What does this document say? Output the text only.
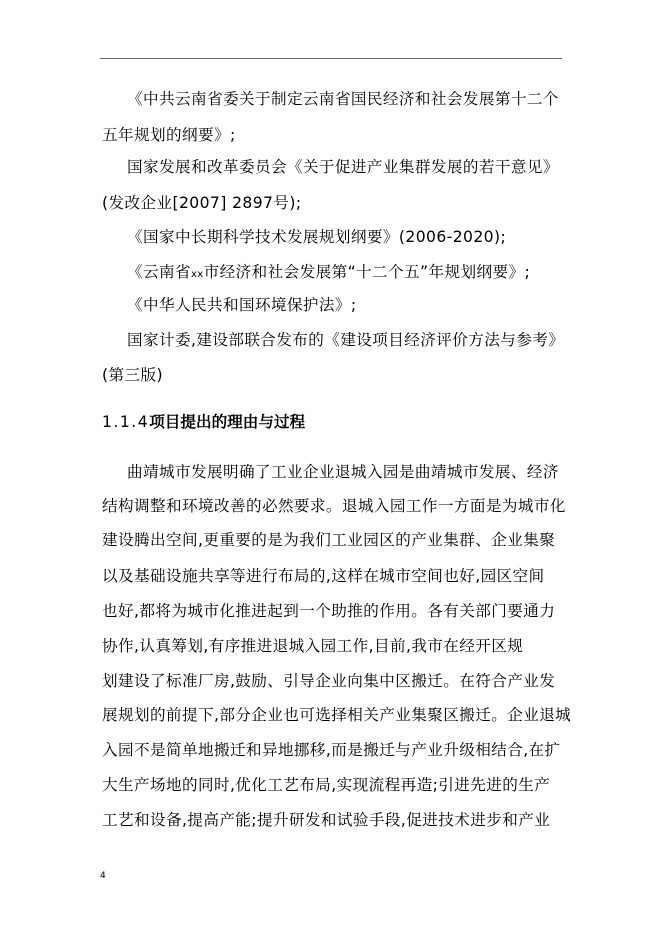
《中共云南省委关于制定云南省国民经济和社会发展第十二个
五年规划的纲要》;
国家发展和改革委员会《关于促进产业集群发展的若干意见》
(发改企业[2007] 2897号);
《国家中长期科学技术发展规划纲要》(2006-2020);
《云南省xx市经济和社会发展第“十二个五”年规划纲要》;
《中华人民共和国环境保护法》;
国家计委,建设部联合发布的《建设项目经济评价方法与参考》
(第三版)
1.1.4项目提出的理由与过程
曲靖城市发展明确了工业企业退城入园是曲靖城市发展、经济
结构调整和环境改善的必然要求。退城入园工作一方面是为城市化
建设腾出空间,更重要的是为我们工业园区的产业集群、企业集聚
以及基础设施共享等进行布局的,这样在城市空间也好,园区空间
也好,都将为城市化推进起到一个助推的作用。各有关部门要通力
协作,认真筹划,有序推进退城入园工作,目前,我市在经开区规
划建设了标准厂房,鼓励、引导企业向集中区搬迁。在符合产业发
展规划的前提下,部分企业也可选择相关产业集聚区搬迁。企业退城
入园不是简单地搬迁和异地挪移,而是搬迁与产业升级相结合,在扩
大生产场地的同时,优化工艺布局,实现流程再造;引进先进的生产
工艺和设备,提高产能;提升研发和试验手段,促进技术进步和产业
4
